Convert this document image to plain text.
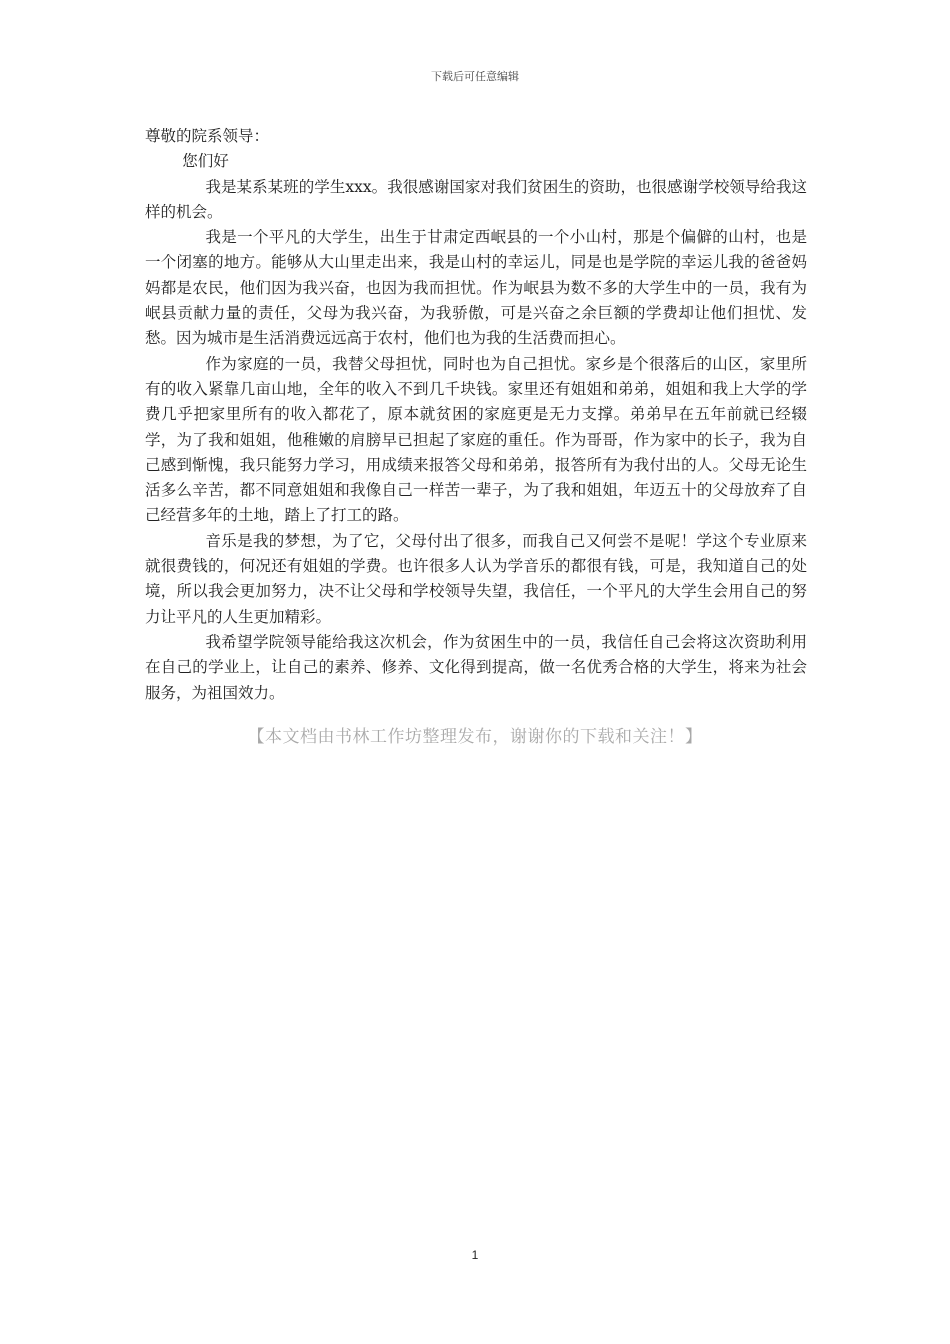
下载后可任意编辑

尊敬的院系领导：

您们好

我是某系某班的学生xxx。我很感谢国家对我们贫困生的资助，也很感谢学校领导给我这样的机会。

我是一个平凡的大学生，出生于甘肃定西岷县的一个小山村，那是个偏僻的山村，也是一个闭塞的地方。能够从大山里走出来，我是山村的幸运儿，同是也是学院的幸运儿我的爸爸妈妈都是农民，他们因为我兴奋，也因为我而担忧。作为岷县为数不多的大学生中的一员，我有为岷县贡献力量的责任，父母为我兴奋，为我骄傲，可是兴奋之余巨额的学费却让他们担忧、发愁。因为城市是生活消费远远高于农村，他们也为我的生活费而担心。

作为家庭的一员，我替父母担忧，同时也为自己担忧。家乡是个很落后的山区，家里所有的收入紧靠几亩山地，全年的收入不到几千块钱。家里还有姐姐和弟弟，姐姐和我上大学的学费几乎把家里所有的收入都花了，原本就贫困的家庭更是无力支撑。弟弟早在五年前就已经辍学，为了我和姐姐，他稚嫩的肩膀早已担起了家庭的重任。作为哥哥，作为家中的长子，我为自己感到惭愧，我只能努力学习，用成绩来报答父母和弟弟，报答所有为我付出的人。父母无论生活多么辛苦，都不同意姐姐和我像自己一样苦一辈子，为了我和姐姐，年迈五十的父母放弃了自己经营多年的土地，踏上了打工的路。

音乐是我的梦想，为了它，父母付出了很多，而我自己又何尝不是呢！学这个专业原来就很费钱的，何况还有姐姐的学费。也许很多人认为学音乐的都很有钱，可是，我知道自己的处境，所以我会更加努力，决不让父母和学校领导失望，我信任，一个平凡的大学生会用自己的努力让平凡的人生更加精彩。

我希望学院领导能给我这次机会，作为贫困生中的一员，我信任自己会将这次资助利用在自己的学业上，让自己的素养、修养、文化得到提高，做一名优秀合格的大学生，将来为社会服务，为祖国效力。

【本文档由书林工作坊整理发布，谢谢你的下载和关注！】
1
